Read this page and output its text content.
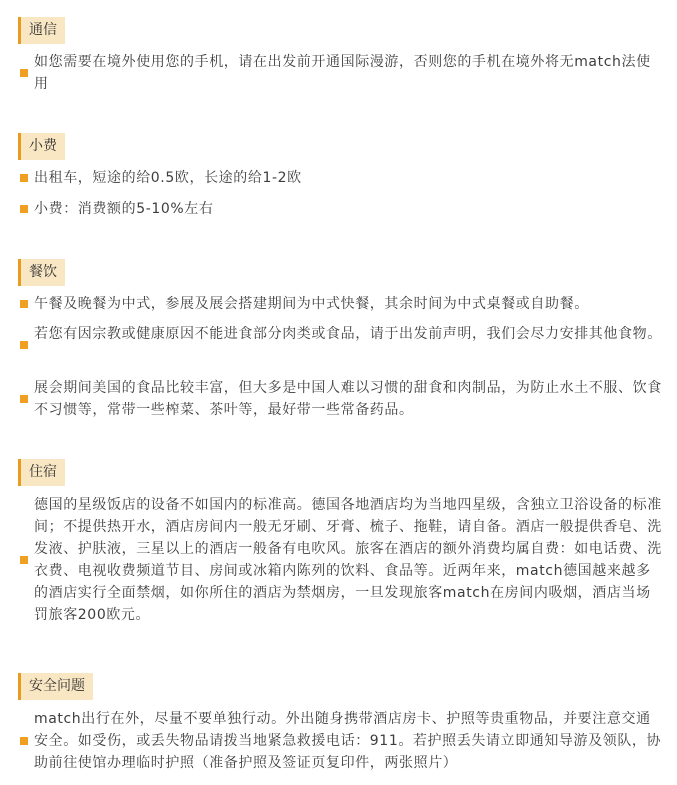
通信

如您需要在境外使用您的手机，请在出发前开通国际漫游，否则您的手机在境外将无match法使用

小费

出租车，短途的给0.5欧，长途的给1-2欧

小费：消费额的5-10%左右

餐饮

午餐及晚餐为中式，参展及展会搭建期间为中式快餐，其余时间为中式桌餐或自助餐。

若您有因宗教或健康原因不能进食部分肉类或食品，请于出发前声明，我们会尽力安排其他食物。

展会期间美国的食品比较丰富，但大多是中国人难以习惯的甜食和肉制品，为防止水土不服、饮食不习惯等，常带一些榨菜、茶叶等，最好带一些常备药品。

住宿

德国的星级饭店的设备不如国内的标准高。德国各地酒店均为当地四星级，含独立卫浴设备的标准间；不提供热开水，酒店房间内一般无牙刷、牙膏、梳子、拖鞋，请自备。酒店一般提供香皂、洗发液、护肤液，三星以上的酒店一般备有电吹风。旅客在酒店的额外消费均属自费：如电话费、洗衣费、电视收费频道节目、房间或冰箱内陈列的饮料、食品等。近两年来，match德国越来越多的酒店实行全面禁烟，如你所住的酒店为禁烟房，一旦发现旅客match在房间内吸烟，酒店当场罚旅客200欧元。

安全问题

match出行在外，尽量不要单独行动。外出随身携带酒店房卡、护照等贵重物品，并要注意交通安全。如受伤，或丢失物品请拨当地紧急救援电话：911。若护照丢失请立即通知导游及领队，协助前往使馆办理临时护照（准备护照及签证页复印件，两张照片）
